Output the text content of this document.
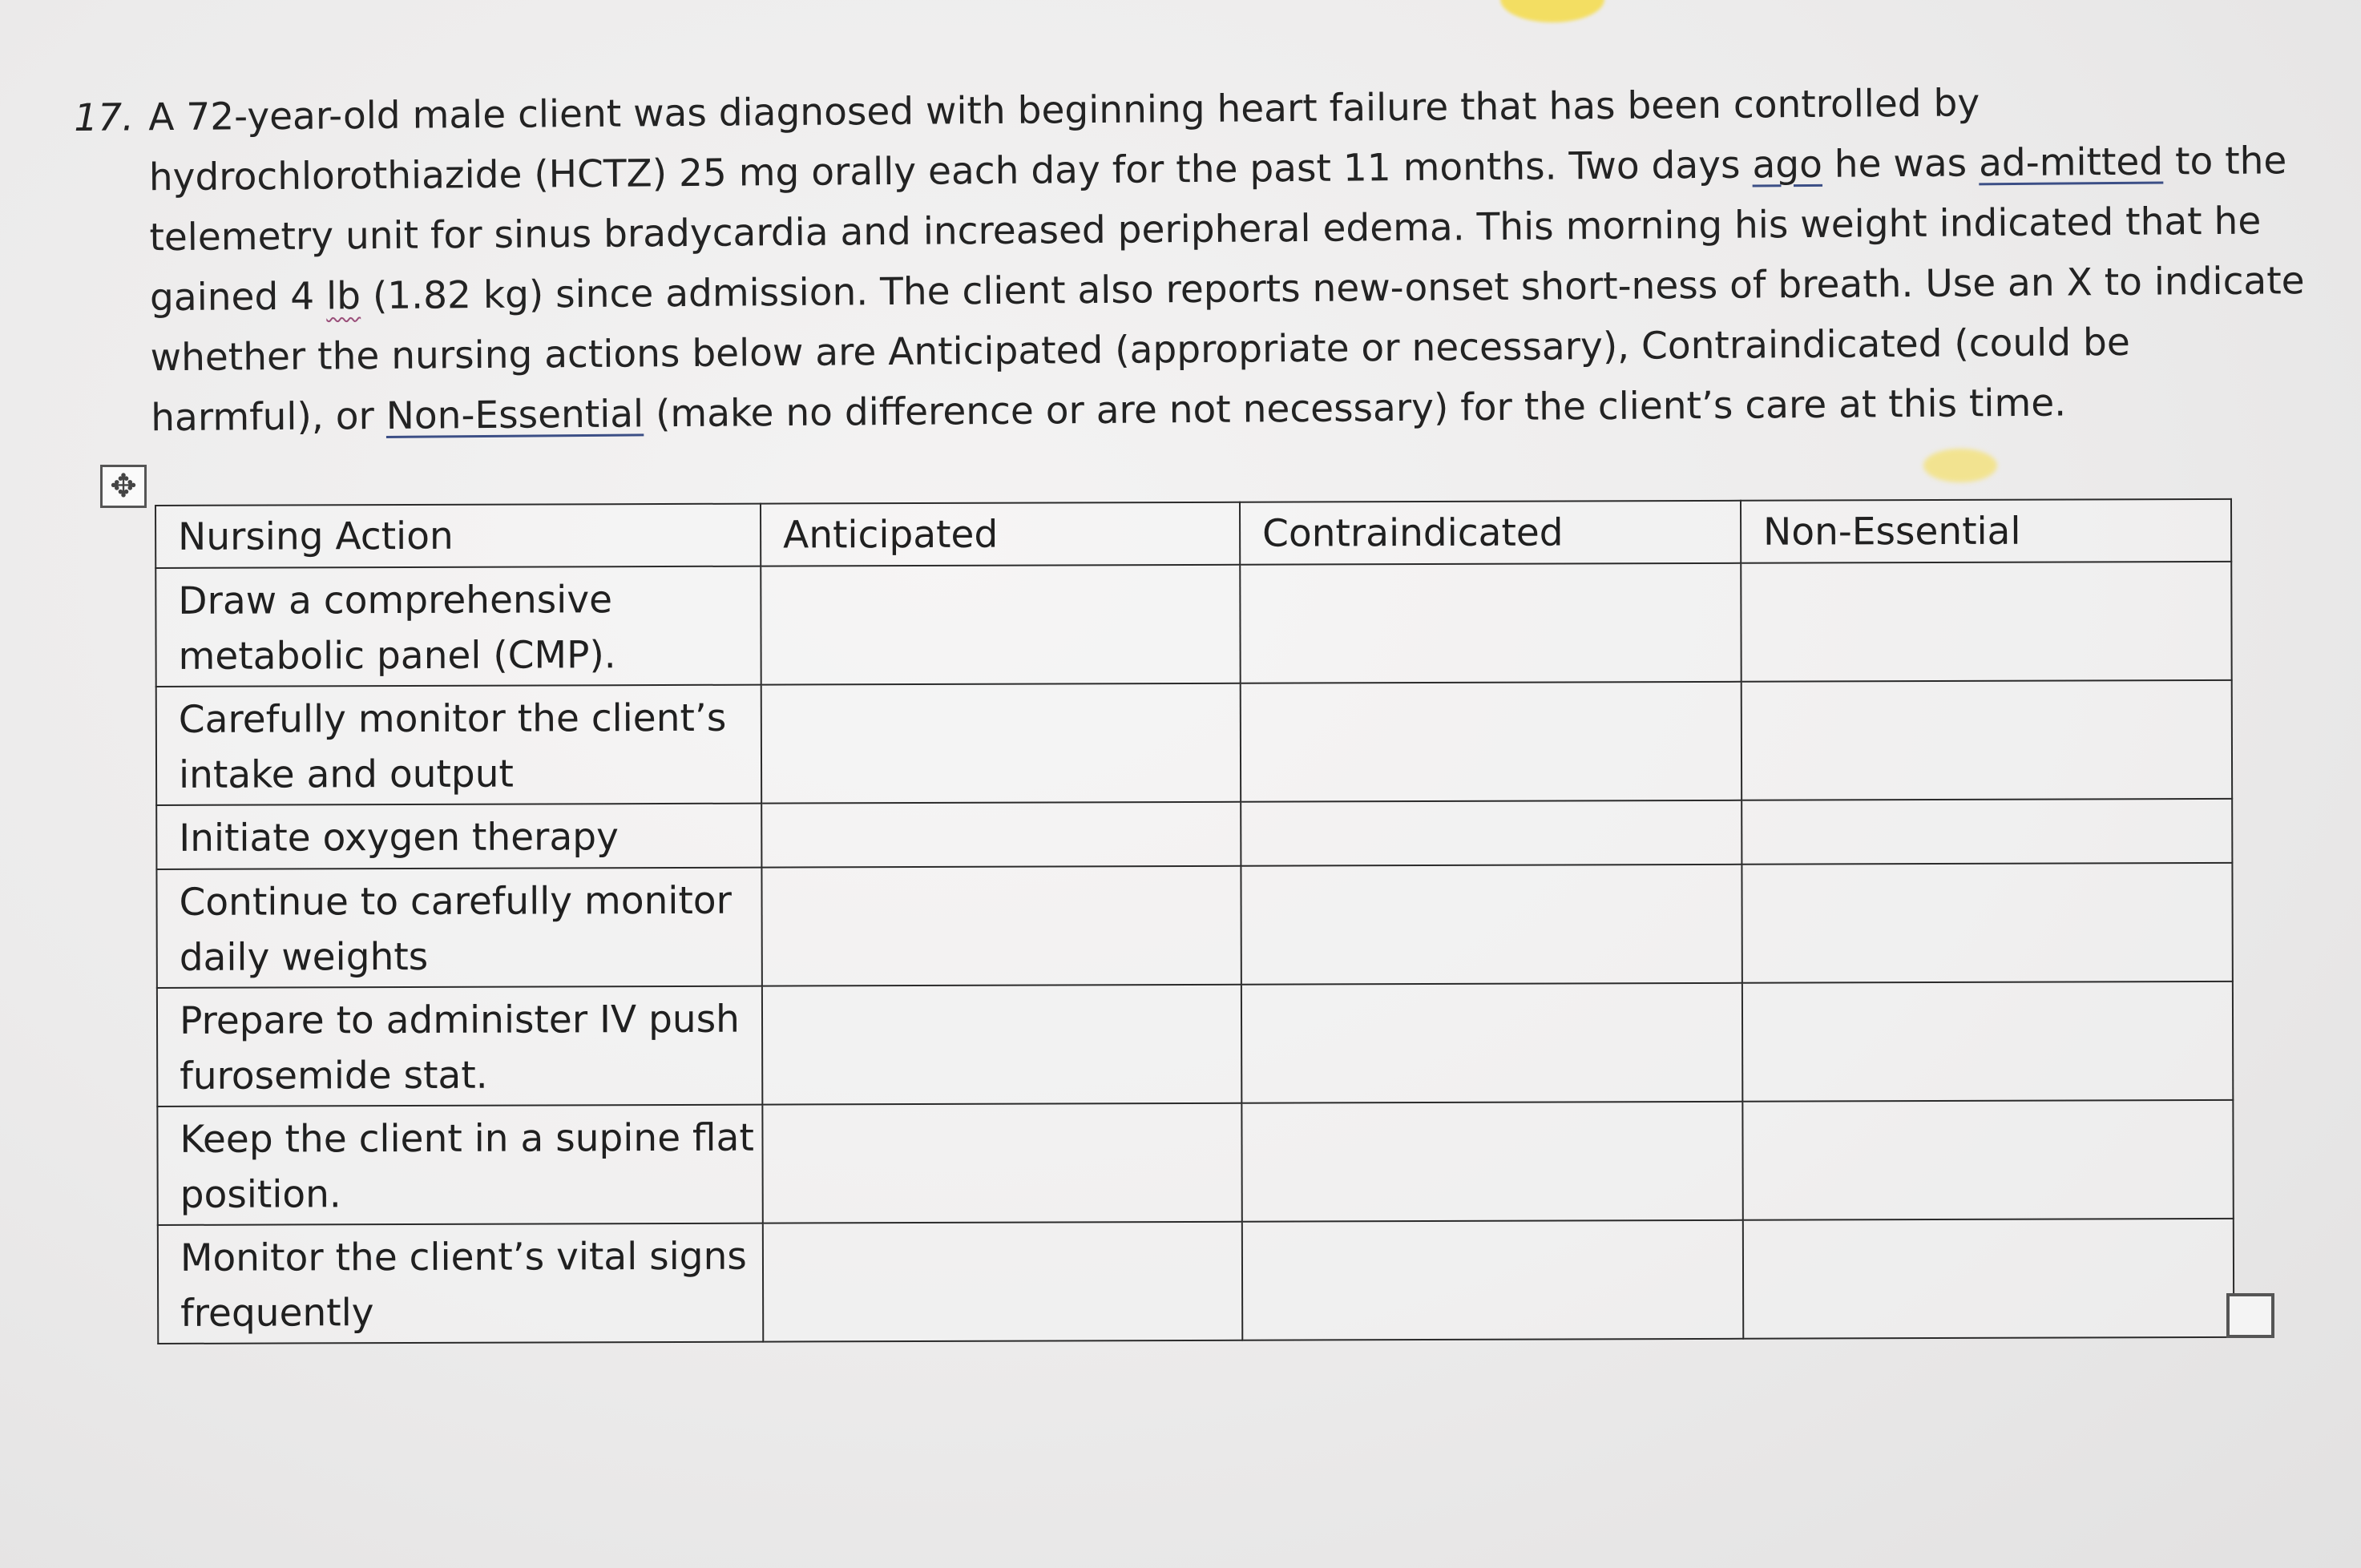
17. A 72-year-old male client was diagnosed with beginning heart failure that has been controlled by
hydrochlorothiazide (HCTZ) 25 mg orally each day for the past 11 months. Two days ago he was ad-mitted to the
telemetry unit for sinus bradycardia and increased peripheral edema. This morning his weight indicated that he
gained 4 lb (1.82 kg) since admission. The client also reports new-onset short-ness of breath. Use an X to indicate
whether the nursing actions below are Anticipated (appropriate or necessary), Contraindicated (could be
harmful), or Non-Essential (make no difference or are not necessary) for the client’s care at this time.
✥
Nursing Action	Anticipated	Contraindicated	Non-Essential

Draw a comprehensive
metabolic panel (CMP).			

Carefully monitor the client’s
intake and output			

Initiate oxygen therapy			

Continue to carefully monitor
daily weights			

Prepare to administer IV push
furosemide stat.			

Keep the client in a supine flat
position.			

Monitor the client’s vital signs
frequently			
